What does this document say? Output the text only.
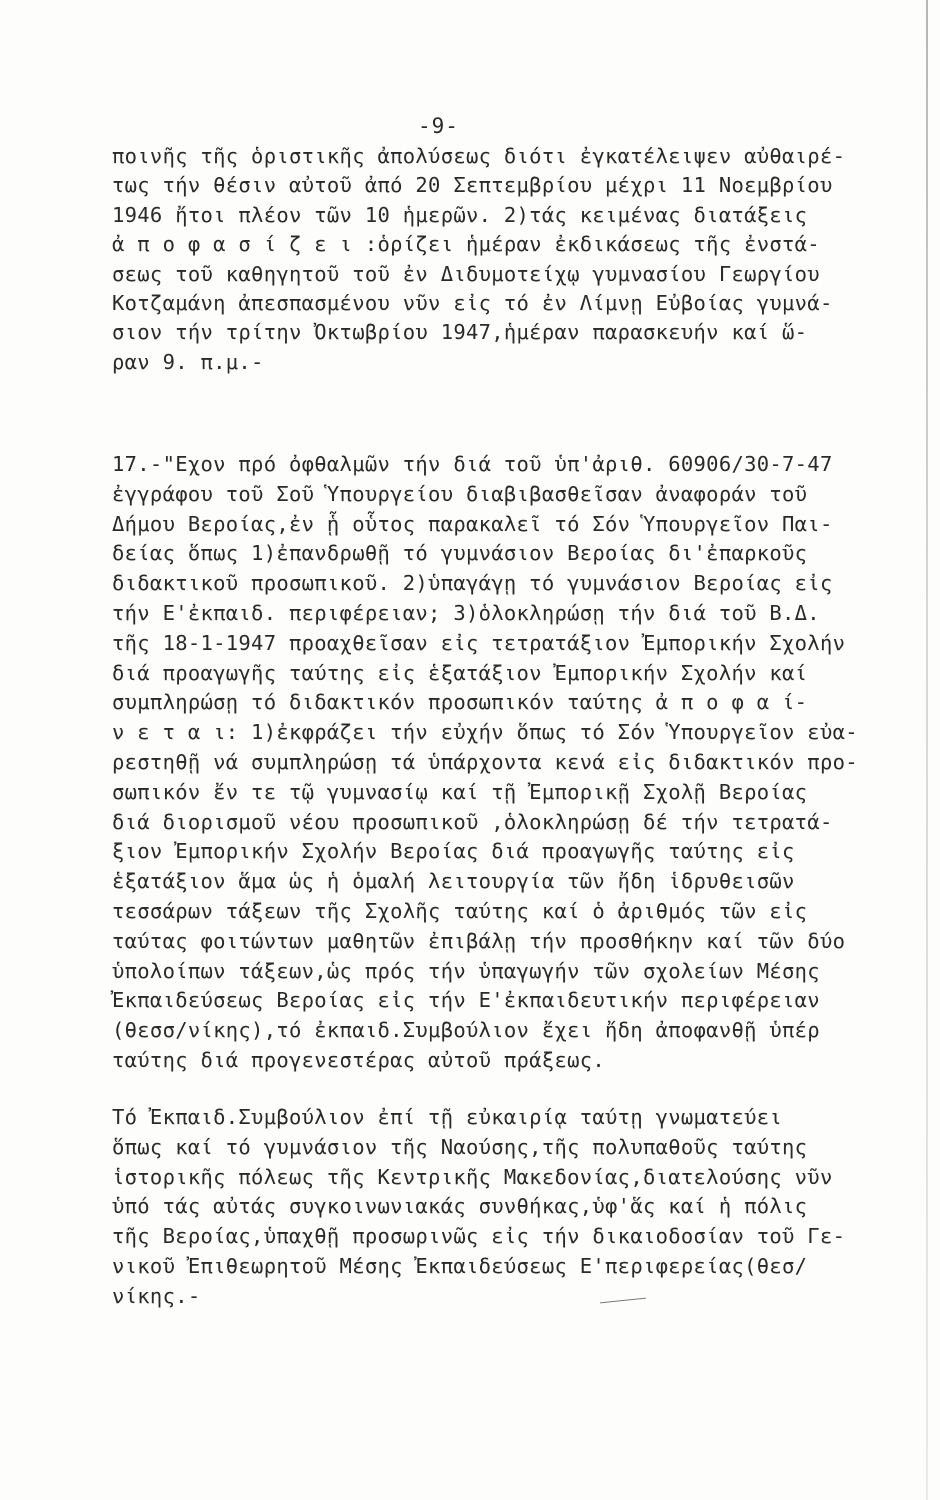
-9-
ποινῆς τῆς ὁριστικῆς ἀπολύσεως διότι ἐγκατέλειψεν αὐθαιρέ-
τως τήν θέσιν αὐτοῦ ἀπό 20 Σεπτεμβρίου μέχρι 11 Νοεμβρίου
1946 ἤτοι πλέον τῶν 10 ἡμερῶν. 2)τάς κειμένας διατάξεις
ἀ π ο φ α σ ί ζ ε ι :ὁρίζει ἡμέραν ἐκδικάσεως τῆς ἐνστά-
σεως τοῦ καθηγητοῦ τοῦ ἐν Διδυμοτείχῳ γυμνασίου Γεωργίου
Κοτζαμάνη ἀπεσπασμένου νῦν εἰς τό ἐν Λίμνῃ Εὐβοίας γυμνά-
σιον τήν τρίτην Ὀκτωβρίου 1947,ἡμέραν παρασκευήν καί ὥ-
ραν 9. π.μ.-
17.-"Εχον πρό ὀφθαλμῶν τήν διά τοῦ ὑπ'ἀριθ. 60906/30-7-47
ἐγγράφου τοῦ Σοῦ Ὑπουργείου διαβιβασθεῖσαν ἀναφοράν τοῦ
Δήμου Βεροίας,ἐν ᾗ οὗτος παρακαλεῖ τό Σόν Ὑπουργεῖον Παι-
δείας ὅπως 1)ἐπανδρωθῇ τό γυμνάσιον Βεροίας δι'ἐπαρκοῦς
διδακτικοῦ προσωπικοῦ. 2)ὑπαγάγῃ τό γυμνάσιον Βεροίας εἰς
τήν Ε'ἐκπαιδ. περιφέρειαν; 3)ὁλοκληρώσῃ τήν διά τοῦ Β.Δ.
τῆς 18-1-1947 προαχθεῖσαν εἰς τετρατάξιον Ἐμπορικήν Σχολήν
διά προαγωγῆς ταύτης εἰς ἑξατάξιον Ἐμπορικήν Σχολήν καί
συμπληρώσῃ τό διδακτικόν προσωπικόν ταύτης ἀ π ο φ α ί-
ν ε τ α ι: 1)ἐκφράζει τήν εὐχήν ὅπως τό Σόν Ὑπουργεῖον εὐα-
ρεστηθῇ νά συμπληρώσῃ τά ὑπάρχοντα κενά εἰς διδακτικόν προ-
σωπικόν ἔν τε τῷ γυμνασίῳ καί τῇ Ἐμπορικῇ Σχολῇ Βεροίας
διά διορισμοῦ νέου προσωπικοῦ ,ὁλοκληρώσῃ δέ τήν τετρατά-
ξιον Ἐμπορικήν Σχολήν Βεροίας διά προαγωγῆς ταύτης εἰς
ἑξατάξιον ἅμα ὡς ἡ ὁμαλή λειτουργία τῶν ἤδη ἱδρυθεισῶν
τεσσάρων τάξεων τῆς Σχολῆς ταύτης καί ὁ ἀριθμός τῶν εἰς
ταύτας φοιτώντων μαθητῶν ἐπιβάλῃ τήν προσθήκην καί τῶν δύο
ὑπολοίπων τάξεων,ὡς πρός τήν ὑπαγωγήν τῶν σχολείων Μέσης
Ἐκπαιδεύσεως Βεροίας εἰς τήν Ε'ἐκπαιδευτικήν περιφέρειαν
(θεσσ/νίκης),τό ἐκπαιδ.Συμβούλιον ἔχει ἤδη ἀποφανθῇ ὑπέρ
ταύτης διά προγενεστέρας αὐτοῦ πράξεως.
Τό Ἐκπαιδ.Συμβούλιον ἐπί τῇ εὐκαιρίᾳ ταύτῃ γνωματεύει
ὅπως καί τό γυμνάσιον τῆς Ναούσης,τῆς πολυπαθοῦς ταύτης
ἱστορικῆς πόλεως τῆς Κεντρικῆς Μακεδονίας,διατελούσης νῦν
ὑπό τάς αὐτάς συγκοινωνιακάς συνθήκας,ὑφ'ἅς καί ἡ πόλις
τῆς Βεροίας,ὑπαχθῇ προσωρινῶς εἰς τήν δικαιοδοσίαν τοῦ Γε-
νικοῦ Ἐπιθεωρητοῦ Μέσης Ἐκπαιδεύσεως Ε'περιφερείας(θεσ/
νίκης.-
